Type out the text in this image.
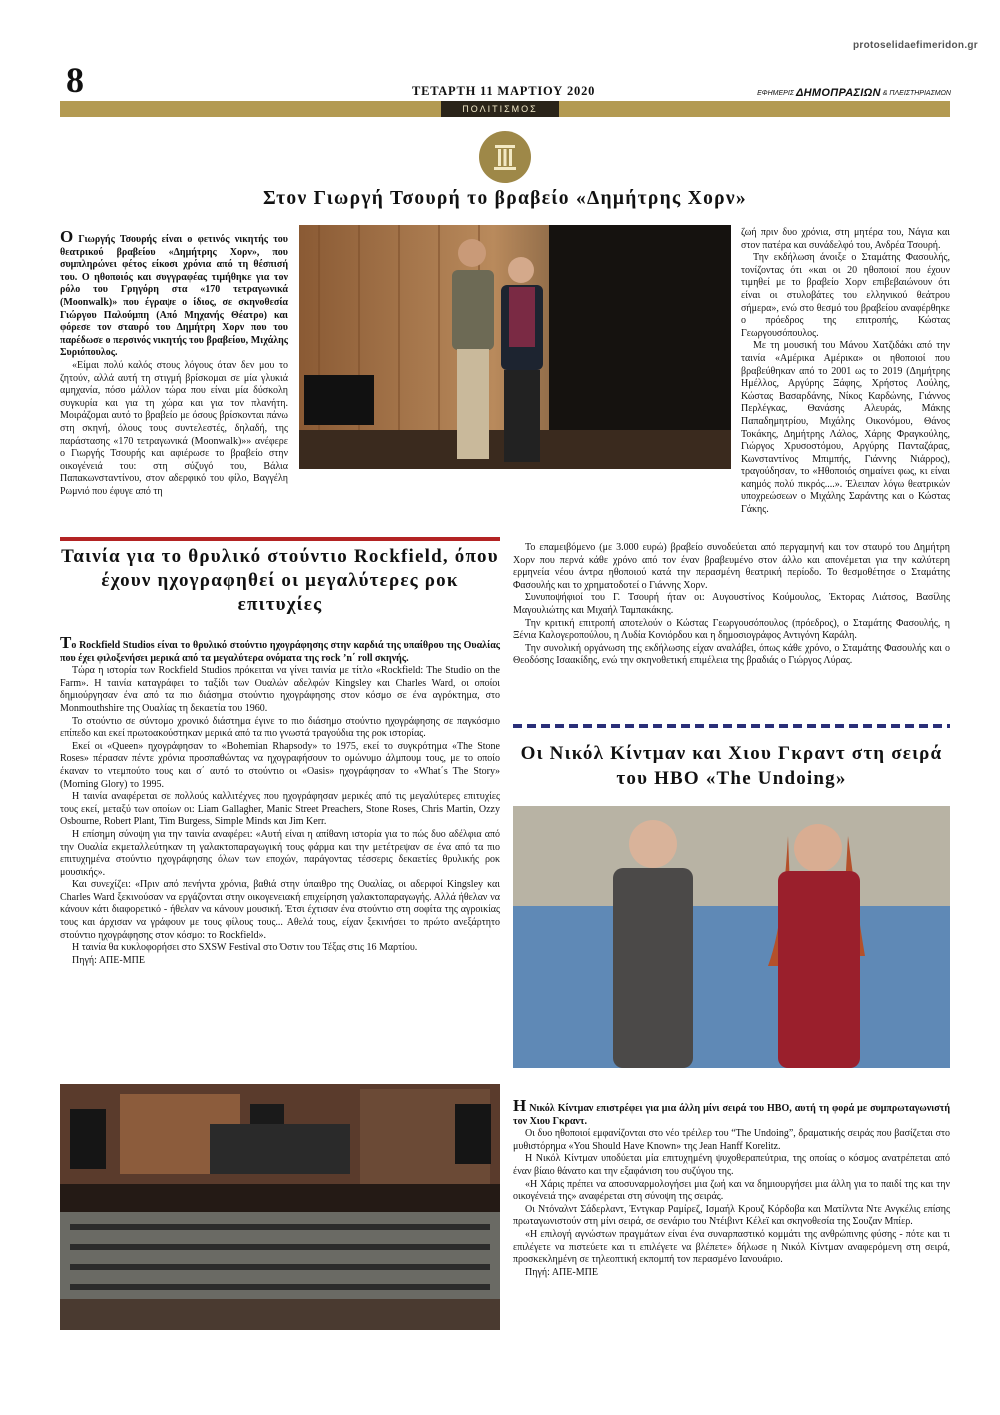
protoselidaefimeridon.gr
8	ΤΕΤΑΡΤΗ 11 ΜΑΡΤΙΟΥ 2020	ΕΦΗΜΕΡΙΣ ΔΗΜΟΠΡΑΣΙΩΝ & ΠΛΕΙΣΤΗΡΙΑΣΜΩΝ
ΠΟΛΙΤΙΣΜΟΣ
Στον Γιωργή Τσουρή το βραβείο «Δημήτρης Χορν»

Ο Γιωργής Τσουρής είναι ο φετινός νικητής του θεατρικού βραβείου «Δημήτρης Χορν», που συμπληρώνει φέτος είκοσι χρόνια από τη θέσπισή του. Ο ηθοποιός και συγγραφέας τιμήθηκε για τον ρόλο του Γρηγόρη στα «170 τετραγωνικά (Moonwalk)» που έγραψε ο ίδιος, σε σκηνοθεσία Γιώργου Παλούμπη (Από Μηχανής Θέατρο) και φόρεσε τον σταυρό του Δημήτρη Χορν που του παρέδωσε ο περσινός νικητής του βραβείου, Μιχάλης Συριόπουλος.

«Είμαι πολύ καλός στους λόγους όταν δεν μου το ζητούν, αλλά αυτή τη στιγμή βρίσκομαι σε μία γλυκιά αμηχανία, πόσο μάλλον τώρα που είναι μία δύσκολη συγκυρία και για τη χώρα και για τον πλανήτη. Μοιράζομαι αυτό το βραβείο με όσους βρίσκονται πάνω στη σκηνή, όλους τους συντελεστές, δηλαδή, της παράστασης «170 τετραγωνικά (Moonwalk)»» ανέφερε ο Γιωργής Τσουρής και αφιέρωσε το βραβείο στην οικογένειά του: στη σύζυγό του, Βάλια Παπακωνσταντίνου, στον αδερφικό του φίλο, Βαγγέλη Ρωμνιό που έφυγε από τη

ζωή πριν δυο χρόνια, στη μητέρα του, Νάγια και στον πατέρα και συνάδελφό του, Ανδρέα Τσουρή.

Την εκδήλωση άνοιξε ο Σταμάτης Φασουλής, τονίζοντας ότι «και οι 20 ηθοποιοί που έχουν τιμηθεί με το βραβείο Χορν επιβεβαιώνουν ότι είναι οι στυλοβάτες του ελληνικού θεάτρου σήμερα», ενώ στο θεσμό του βραβείου αναφέρθηκε ο πρόεδρος της επιτροπής, Κώστας Γεωργουσόπουλος.

Με τη μουσική του Μάνου Χατζιδάκι από την ταινία «Αμέρικα Αμέρικα» οι ηθοποιοί που βραβεύθηκαν από το 2001 ως το 2019 (Δημήτρης Ημέλλος, Αργύρης Ξάφης, Χρήστος Λούλης, Κώστας Βασαρδάνης, Νίκος Καρδώνης, Γιάννος Περλέγκας, Θανάσης Αλευράς, Μάκης Παπαδημητρίου, Μιχάλης Οικονόμου, Θάνος Τοκάκης, Δημήτρης Λάλος, Χάρης Φραγκούλης, Γιώργος Χρυσοστόμου, Αργύρης Πανταζάρας, Κωνσταντίνος Μπιμπής, Γιάννης Νιάρρος), τραγούδησαν, το «Ηθοποιός σημαίνει φως, κι είναι καημός πολύ πικρός....». Έλειπαν λόγω θεατρικών υποχρεώσεων ο Μιχάλης Σαράντης και ο Κώστας Γάκης.

Το επαμειβόμενο (με 3.000 ευρώ) βραβείο συνοδεύεται από περγαμηνή και τον σταυρό του Δημήτρη Χορν που περνά κάθε χρόνο από τον έναν βραβευμένο στον άλλο και απονέμεται για την καλύτερη ερμηνεία νέου άντρα ηθοποιού κατά την περασμένη θεατρική περίοδο. Το θεσμοθέτησε ο Σταμάτης Φασουλής και το χρηματοδοτεί ο Γιάννης Χορν.

Συνυποψήφιοί του Γ. Τσουρή ήταν οι: Αυγουστίνος Κούμουλος, Έκτορας Λιάτσος, Βασίλης Μαγουλιώτης και Μιχαήλ Ταμπακάκης.

Την κριτική επιτροπή αποτελούν ο Κώστας Γεωργουσόπουλος (πρόεδρος), ο Σταμάτης Φασουλής, η Ξένια Καλογεροπούλου, η Λυδία Κονιόρδου και η δημοσιογράφος Αντιγόνη Καράλη.

Την συνολική οργάνωση της εκδήλωσης είχαν αναλάβει, όπως κάθε χρόνο, ο Σταμάτης Φασουλής και ο Θεοδόσης Ισαακίδης, ενώ την σκηνοθετική επιμέλεια της βραδιάς ο Γιώργος Λύρας.

Ταινία για το θρυλικό στούντιο Rockfield, όπου έχουν ηχογραφηθεί οι μεγαλύτερες ροκ επιτυχίες

Το Rockfield Studios είναι το θρυλικό στούντιο ηχογράφησης στην καρδιά της υπαίθρου της Ουαλίας που έχει φιλοξενήσει μερικά από τα μεγαλύτερα ονόματα της rock ’n΄ roll σκηνής.

Τώρα η ιστορία των Rockfield Studios πρόκειται να γίνει ταινία με τίτλο «Rockfield: The Studio on the Farm». Η ταινία καταγράφει το ταξίδι των Ουαλών αδελφών Kingsley και Charles Ward, οι οποίοι δημιούργησαν ένα από τα πιο διάσημα στούντιο ηχογράφησης στον κόσμο σε ένα αγρόκτημα, στο Monmouthshire της Ουαλίας τη δεκαετία του 1960.

Το στούντιο σε σύντομο χρονικό διάστημα έγινε το πιο διάσημο στούντιο ηχογράφησης σε παγκόσμιο επίπεδο και εκεί πρωτοακούστηκαν μερικά από τα πιο γνωστά τραγούδια της ροκ ιστορίας.

Εκεί οι «Queen» ηχογράφησαν το «Bohemian Rhapsody» το 1975, εκεί το συγκρότημα «The Stone Roses» πέρασαν πέντε χρόνια προσπαθώντας να ηχογραφήσουν το ομώνυμο άλμπουμ τους, με το οποίο έκαναν το ντεμπούτο τους και σ΄ αυτό το στούντιο οι «Oasis» ηχογράφησαν το «What΄s The Story» (Morning Glory) το 1995.

Η ταινία αναφέρεται σε πολλούς καλλιτέχνες που ηχογράφησαν μερικές από τις μεγαλύτερες επιτυχίες τους εκεί, μεταξύ των οποίων οι: Liam Gallagher, Manic Street Preachers, Stone Roses, Chris Martin, Ozzy Osbourne, Robert Plant, Tim Burgess, Simple Minds και Jim Kerr.

Η επίσημη σύνοψη για την ταινία αναφέρει: «Αυτή είναι η απίθανη ιστορία για το πώς δυο αδέλφια από την Ουαλία εκμεταλλεύτηκαν τη γαλακτοπαραγωγική τους φάρμα και την μετέτρεψαν σε ένα από τα πιο επιτυχημένα στούντιο ηχογράφησης όλων των εποχών, παράγοντας τέσσερις δεκαετίες θρυλικής ροκ μουσικής».

Και συνεχίζει: «Πριν από πενήντα χρόνια, βαθιά στην ύπαιθρο της Ουαλίας, οι αδερφοί Kingsley και Charles Ward ξεκινούσαν να εργάζονται στην οικογενειακή επιχείρηση γαλακτοπαραγωγής. Αλλά ήθελαν να κάνουν κάτι διαφορετικό - ήθελαν να κάνουν μουσική. Έτσι έχτισαν ένα στούντιο στη σοφίτα της αγροικίας τους και άρχισαν να γράφουν με τους φίλους τους... Αθελά τους, είχαν ξεκινήσει το πρώτο ανεξάρτητο στούντιο ηχογράφησης στον κόσμο: το Rockfield».

Η ταινία θα κυκλοφορήσει στο SXSW Festival στο Όστιν του Τέξας στις 16 Μαρτίου.

Πηγή: ΑΠΕ-ΜΠΕ

Οι Νικόλ Κίντμαν και Χιου Γκραντ στη σειρά του HBO «The Undoing»

Η Νικόλ Κίντμαν επιστρέφει για μια άλλη μίνι σειρά του HBO, αυτή τη φορά με συμπρωταγωνιστή τον Χιου Γκραντ.

Οι δυο ηθοποιοί εμφανίζονται στο νέο τρέιλερ του “The Undoing”, δραματικής σειράς που βασίζεται στο μυθιστόρημα «You Should Have Known» της Jean Hanff Korelitz.

Η Νικόλ Κίντμαν υποδύεται μία επιτυχημένη ψυχοθεραπεύτρια, της οποίας ο κόσμος ανατρέπεται από έναν βίαιο θάνατο και την εξαφάνιση του συζύγου της.

«Η Χάρις πρέπει να αποσυναρμολογήσει μια ζωή και να δημιουργήσει μια άλλη για το παιδί της και την οικογένειά της» αναφέρεται στη σύνοψη της σειράς.

Οι Ντόναλντ Σάδερλαντ, Έντγκαρ Ραμίρεζ, Ισμαήλ Κρουζ Κόρδοβα και Ματίλντα Ντε Ανγκέλις επίσης πρωταγωνιστούν στη μίνι σειρά, σε σενάριο του Ντέιβιντ Κέλεϊ και σκηνοθεσία της Σουζαν Μπίερ.

«Η επιλογή αγνώστων πραγμάτων είναι ένα συναρπαστικό κομμάτι της ανθρώπινης φύσης - πότε και τι επιλέγετε να πιστεύετε και τι επιλέγετε να βλέπετε» δήλωσε η Νικόλ Κίντμαν αναφερόμενη στη σειρά, προσκεκλημένη σε τηλεοπτική εκπομπή τον περασμένο Ιανουάριο.

Πηγή: ΑΠΕ-ΜΠΕ
